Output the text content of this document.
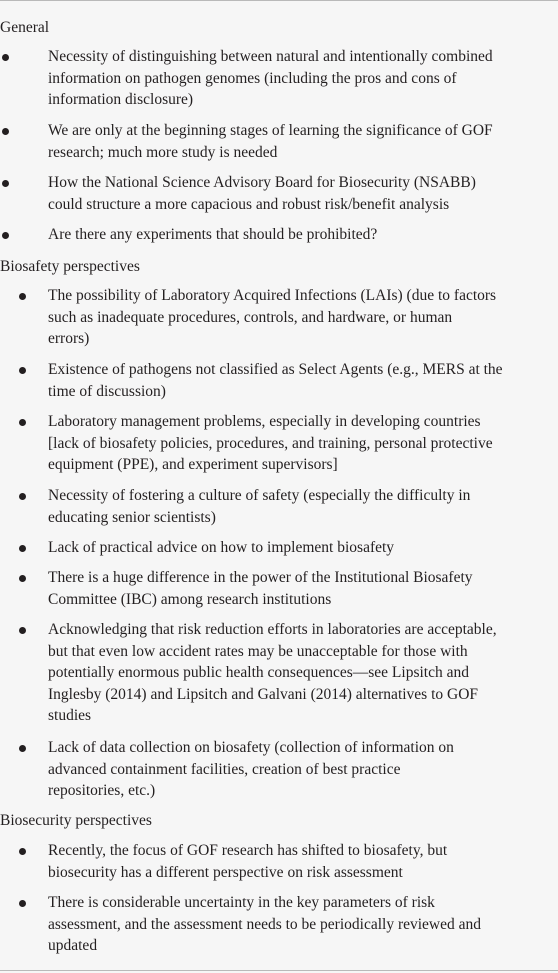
General
Necessity of distinguishing between natural and intentionally combined
information on pathogen genomes (including the pros and cons of
information disclosure)
We are only at the beginning stages of learning the significance of GOF
research; much more study is needed
How the National Science Advisory Board for Biosecurity (NSABB)
could structure a more capacious and robust risk/benefit analysis
Are there any experiments that should be prohibited?
Biosafety perspectives
The possibility of Laboratory Acquired Infections (LAIs) (due to factors
such as inadequate procedures, controls, and hardware, or human
errors)
Existence of pathogens not classified as Select Agents (e.g., MERS at the
time of discussion)
Laboratory management problems, especially in developing countries
[lack of biosafety policies, procedures, and training, personal protective
equipment (PPE), and experiment supervisors]
Necessity of fostering a culture of safety (especially the difficulty in
educating senior scientists)
Lack of practical advice on how to implement biosafety
There is a huge difference in the power of the Institutional Biosafety
Committee (IBC) among research institutions
Acknowledging that risk reduction efforts in laboratories are acceptable,
but that even low accident rates may be unacceptable for those with
potentially enormous public health consequences—see Lipsitch and
Inglesby (2014) and Lipsitch and Galvani (2014) alternatives to GOF
studies
Lack of data collection on biosafety (collection of information on
advanced containment facilities, creation of best practice
repositories, etc.)
Biosecurity perspectives
Recently, the focus of GOF research has shifted to biosafety, but
biosecurity has a different perspective on risk assessment
There is considerable uncertainty in the key parameters of risk
assessment, and the assessment needs to be periodically reviewed and
updated
